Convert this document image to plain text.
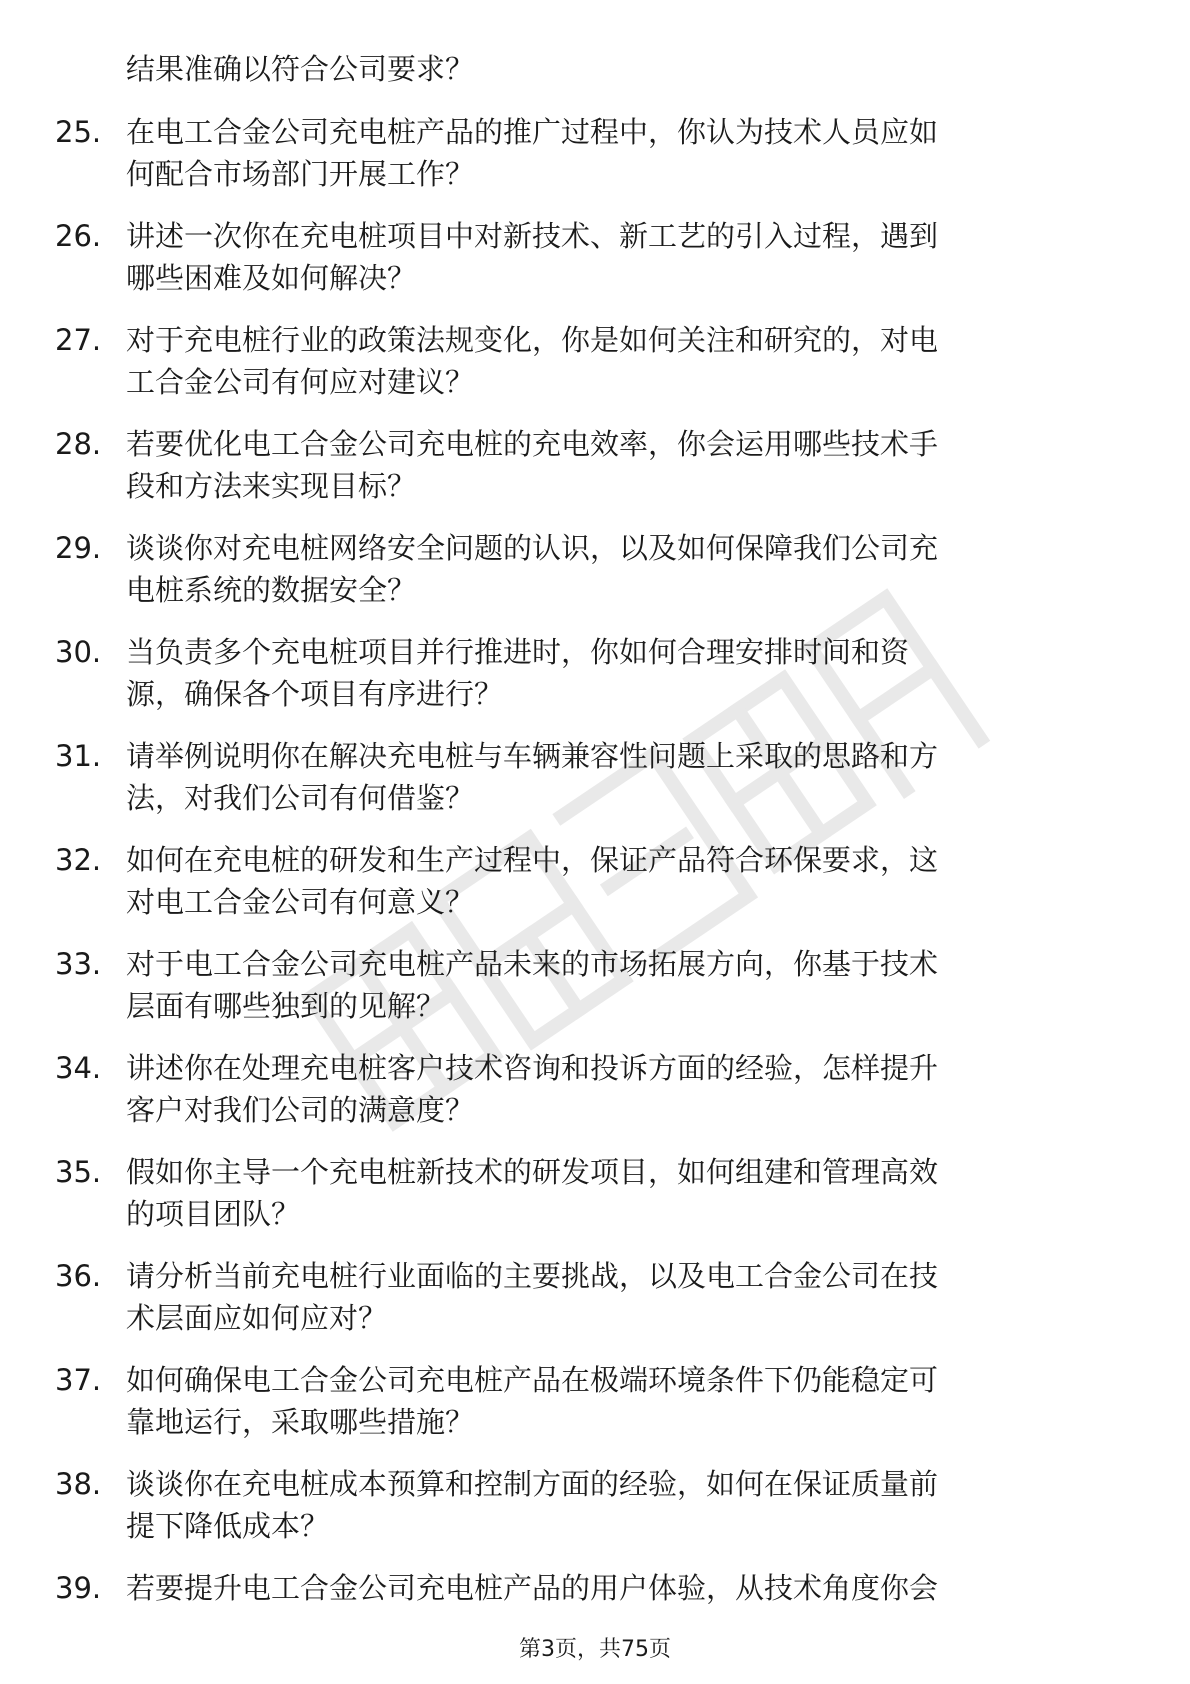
结果准确以符合公司要求？

25. 在电工合金公司充电桩产品的推广过程中，你认为技术人员应如
何配合市场部门开展工作？
26. 讲述一次你在充电桩项目中对新技术、新工艺的引入过程，遇到
哪些困难及如何解决？
27. 对于充电桩行业的政策法规变化，你是如何关注和研究的，对电
工合金公司有何应对建议？
28. 若要优化电工合金公司充电桩的充电效率，你会运用哪些技术手
段和方法来实现目标？
29. 谈谈你对充电桩网络安全问题的认识，以及如何保障我们公司充
电桩系统的数据安全？
30. 当负责多个充电桩项目并行推进时，你如何合理安排时间和资
源，确保各个项目有序进行？
31. 请举例说明你在解决充电桩与车辆兼容性问题上采取的思路和方
法，对我们公司有何借鉴？
32. 如何在充电桩的研发和生产过程中，保证产品符合环保要求，这
对电工合金公司有何意义？
33. 对于电工合金公司充电桩产品未来的市场拓展方向，你基于技术
层面有哪些独到的见解？
34. 讲述你在处理充电桩客户技术咨询和投诉方面的经验，怎样提升
客户对我们公司的满意度？
35. 假如你主导一个充电桩新技术的研发项目，如何组建和管理高效
的项目团队？
36. 请分析当前充电桩行业面临的主要挑战，以及电工合金公司在技
术层面应如何应对？
37. 如何确保电工合金公司充电桩产品在极端环境条件下仍能稳定可
靠地运行，采取哪些措施？
38. 谈谈你在充电桩成本预算和控制方面的经验，如何在保证质量前
提下降低成本？
39. 若要提升电工合金公司充电桩产品的用户体验，从技术角度你会
第3页，共75页
